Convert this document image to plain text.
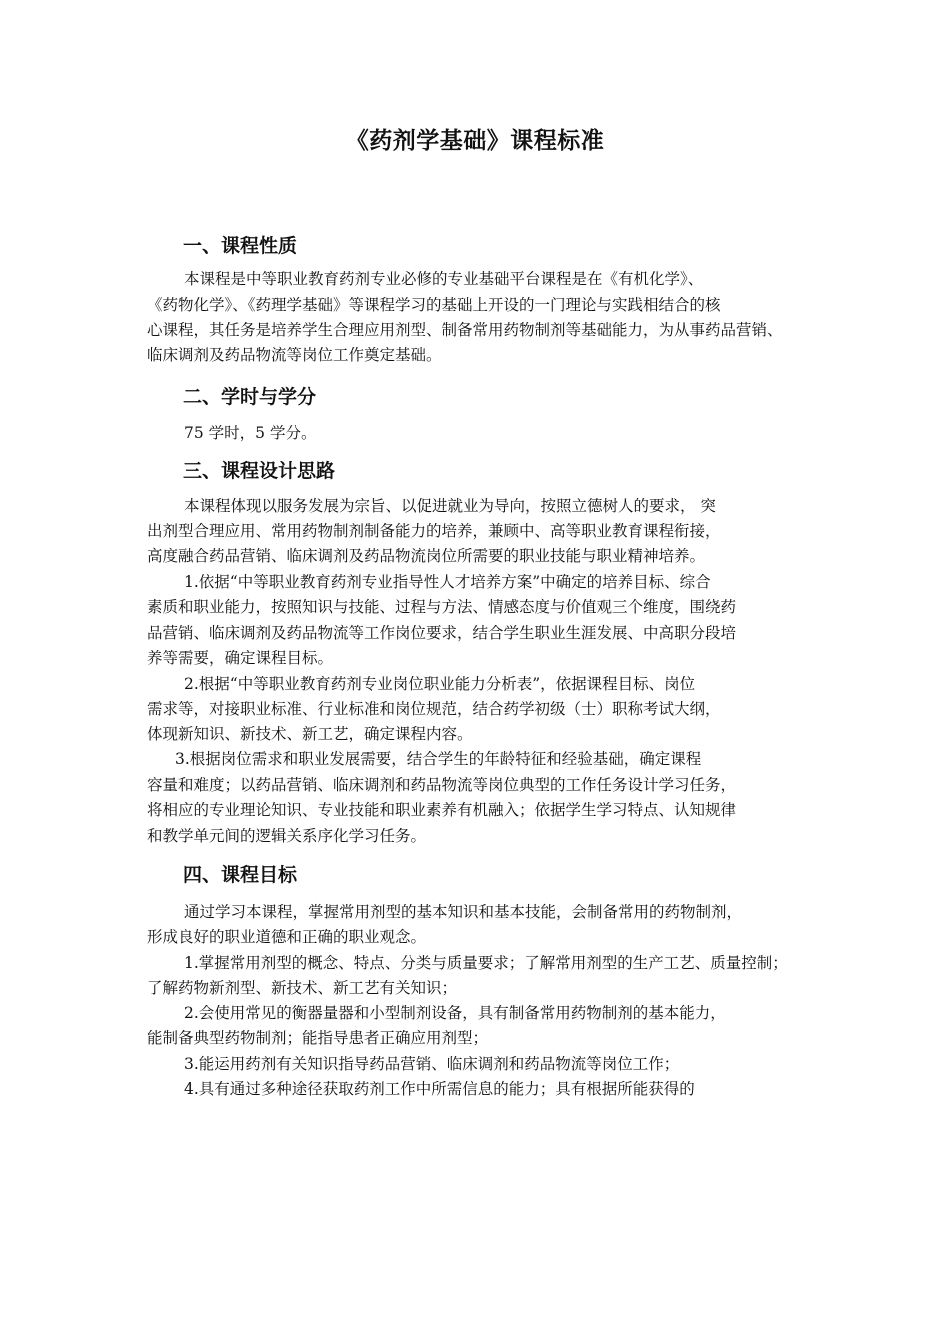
《药剂学基础》课程标准
一、课程性质
本课程是中等职业教育药剂专业必修的专业基础平台课程是在《有机化学》、
《药物化学》、《药理学基础》等课程学习的基础上开设的一门理论与实践相结合的核
心课程，其任务是培养学生合理应用剂型、制备常用药物制剂等基础能力，为从事药品营销、
临床调剂及药品物流等岗位工作奠定基础。
二、学时与学分
75 学时，5 学分。
三、课程设计思路
本课程体现以服务发展为宗旨、以促进就业为导向，按照立德树人的要求， 突
出剂型合理应用、常用药物制剂制备能力的培养，兼顾中、高等职业教育课程衔接，
高度融合药品营销、临床调剂及药品物流岗位所需要的职业技能与职业精神培养。
1.依据“中等职业教育药剂专业指导性人才培养方案”中确定的培养目标、综合
素质和职业能力，按照知识与技能、过程与方法、情感态度与价值观三个维度，围绕药
品营销、临床调剂及药品物流等工作岗位要求，结合学生职业生涯发展、中高职分段培
养等需要，确定课程目标。
2.根据“中等职业教育药剂专业岗位职业能力分析表”，依据课程目标、岗位
需求等，对接职业标准、行业标准和岗位规范，结合药学初级（士）职称考试大纲，
体现新知识、新技术、新工艺，确定课程内容。
3.根据岗位需求和职业发展需要，结合学生的年龄特征和经验基础，确定课程
容量和难度；以药品营销、临床调剂和药品物流等岗位典型的工作任务设计学习任务，
将相应的专业理论知识、专业技能和职业素养有机融入；依据学生学习特点、认知规律
和教学单元间的逻辑关系序化学习任务。
四、课程目标
通过学习本课程，掌握常用剂型的基本知识和基本技能，会制备常用的药物制剂，
形成良好的职业道德和正确的职业观念。
1.掌握常用剂型的概念、特点、分类与质量要求；了解常用剂型的生产工艺、质量控制；
了解药物新剂型、新技术、新工艺有关知识；
2.会使用常见的衡器量器和小型制剂设备，具有制备常用药物制剂的基本能力，
能制备典型药物制剂；能指导患者正确应用剂型；
3.能运用药剂有关知识指导药品营销、临床调剂和药品物流等岗位工作；
4.具有通过多种途径获取药剂工作中所需信息的能力；具有根据所能获得的
